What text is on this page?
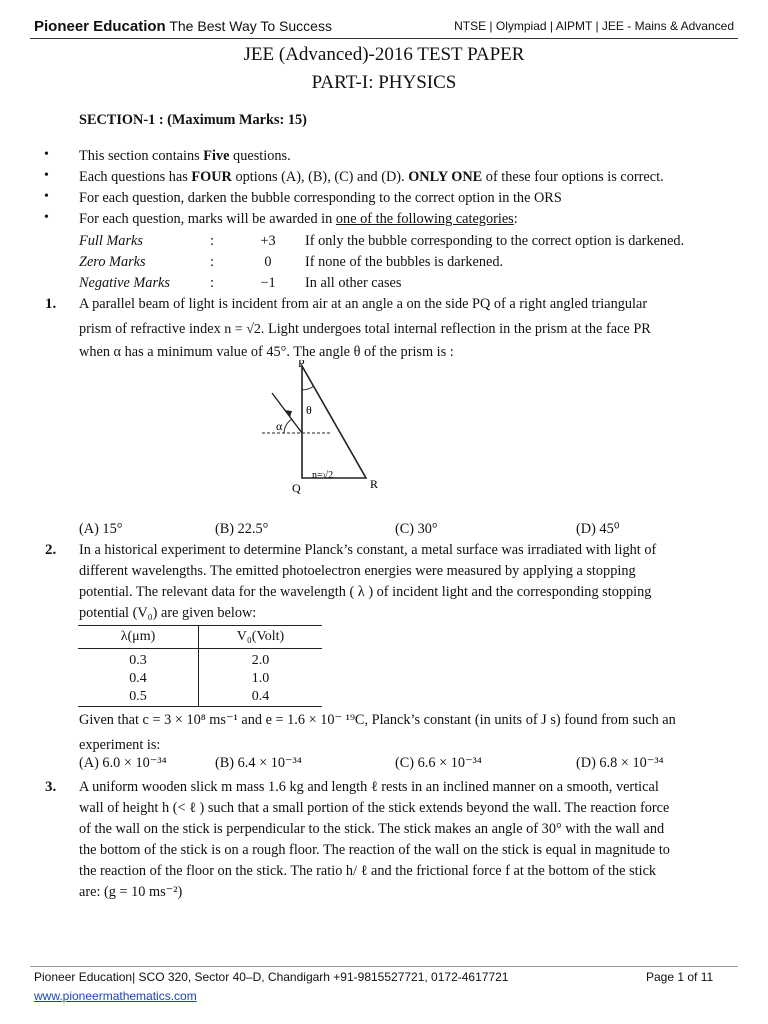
Pioneer Education The Best Way To Success	NTSE | Olympiad | AIPMT | JEE - Mains & Advanced
JEE (Advanced)-2016 TEST PAPER
PART-I: PHYSICS
SECTION-1 : (Maximum Marks: 15)
• This section contains Five questions.
• Each questions has FOUR options (A), (B), (C) and (D). ONLY ONE of these four options is correct.
• For each question, darken the bubble corresponding to the correct option in the ORS
• For each question, marks will be awarded in one of the following categories:
Full Marks	:	+3	If only the bubble corresponding to the correct option is darkened.
Zero Marks	:	0	If none of the bubbles is darkened.
Negative Marks	:	−1	In all other cases
1. A parallel beam of light is incident from air at an angle a on the side PQ of a right angled triangular
prism of refractive index n = √2. Light undergoes total internal reflection in the prism at the face PR
when α has a minimum value of 45°. The angle θ of the prism is :
P
Q	R
α
θ
n=√2
(A) 15°	(B) 22.5°	(C) 30°	(D) 45⁰
2. In a historical experiment to determine Planck’s constant, a metal surface was irradiated with light of
different wavelengths. The emitted photoelectron energies were measured by applying a stopping
potential. The relevant data for the wavelength ( λ ) of incident light and the corresponding stopping
potential (V₀) are given below:
λ(μm)	V₀(Volt)
0.3	2.0
0.4	1.0
0.5	0.4
Given that c = 3 × 10⁸ ms⁻¹ and e = 1.6 × 10⁻ ¹⁹C, Planck’s constant (in units of J s) found from such an
experiment is:
(A) 6.0 × 10⁻³⁴	(B) 6.4 × 10⁻³⁴	(C) 6.6 × 10⁻³⁴	(D) 6.8 × 10⁻³⁴
3. A uniform wooden slick m mass 1.6 kg and length ℓ rests in an inclined manner on a smooth, vertical
wall of height h (< ℓ ) such that a small portion of the stick extends beyond the wall. The reaction force
of the wall on the stick is perpendicular to the stick. The stick makes an angle of 30° with the wall and
the bottom of the stick is on a rough floor. The reaction of the wall on the stick is equal in magnitude to
the reaction of the floor on the stick. The ratio h/ ℓ and the frictional force f at the bottom of the stick
are: (g = 10 ms⁻²)
Pioneer Education| SCO 320, Sector 40–D, Chandigarh +91-9815527721, 0172-4617721	Page 1 of 11
www.pioneermathematics.com
